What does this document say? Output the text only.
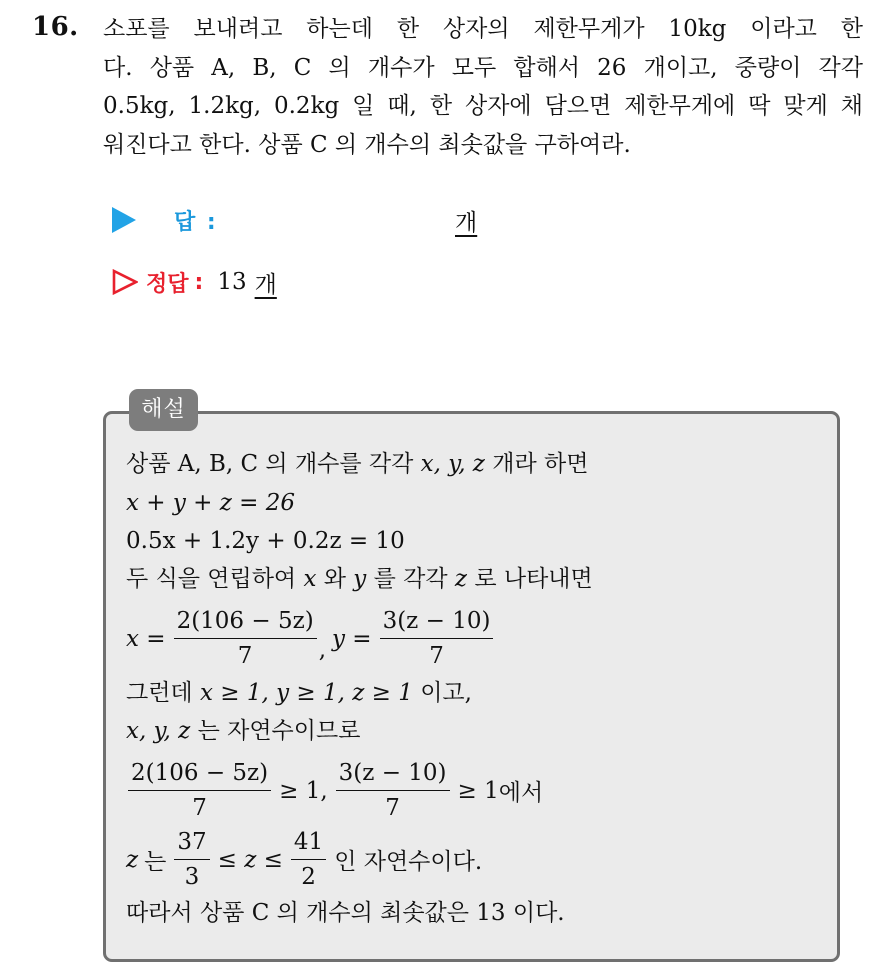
16. 소포를 보내려고 하는데 한 상자의 제한무게가 10kg 이라고 한
다. 상품 A, B, C 의 개수가 모두 합해서 26 개이고, 중량이 각각
0.5kg, 1.2kg, 0.2kg 일 때, 한 상자에 담으면 제한무게에 딱 맞게 채
워진다고 한다. 상품 C 의 개수의 최솟값을 구하여라.
답 :	개
정답 : 13 개
해설
상품 A, B, C 의 개수를 각각 x, y, z 개라 하면
x + y + z = 26
0.5x + 1.2y + 0.2z = 10
두 식을 연립하여 x 와 y 를 각각 z 로 나타내면
$x = \frac{2(106 - 5z)}{7}$ , $y = \frac{3(z - 10)}{7}$
그런데 x ≥ 1, y ≥ 1, z ≥ 1 이고,
x, y, z 는 자연수이므로
$\frac{2(106 - 5z)}{7} \ge 1$, $\frac{3(z - 10)}{7} \ge 1$ 에서
z 는 $\frac{37}{3} \le z \le \frac{41}{2}$ 인 자연수이다.
따라서 상품 C 의 개수의 최솟값은 13 이다.
